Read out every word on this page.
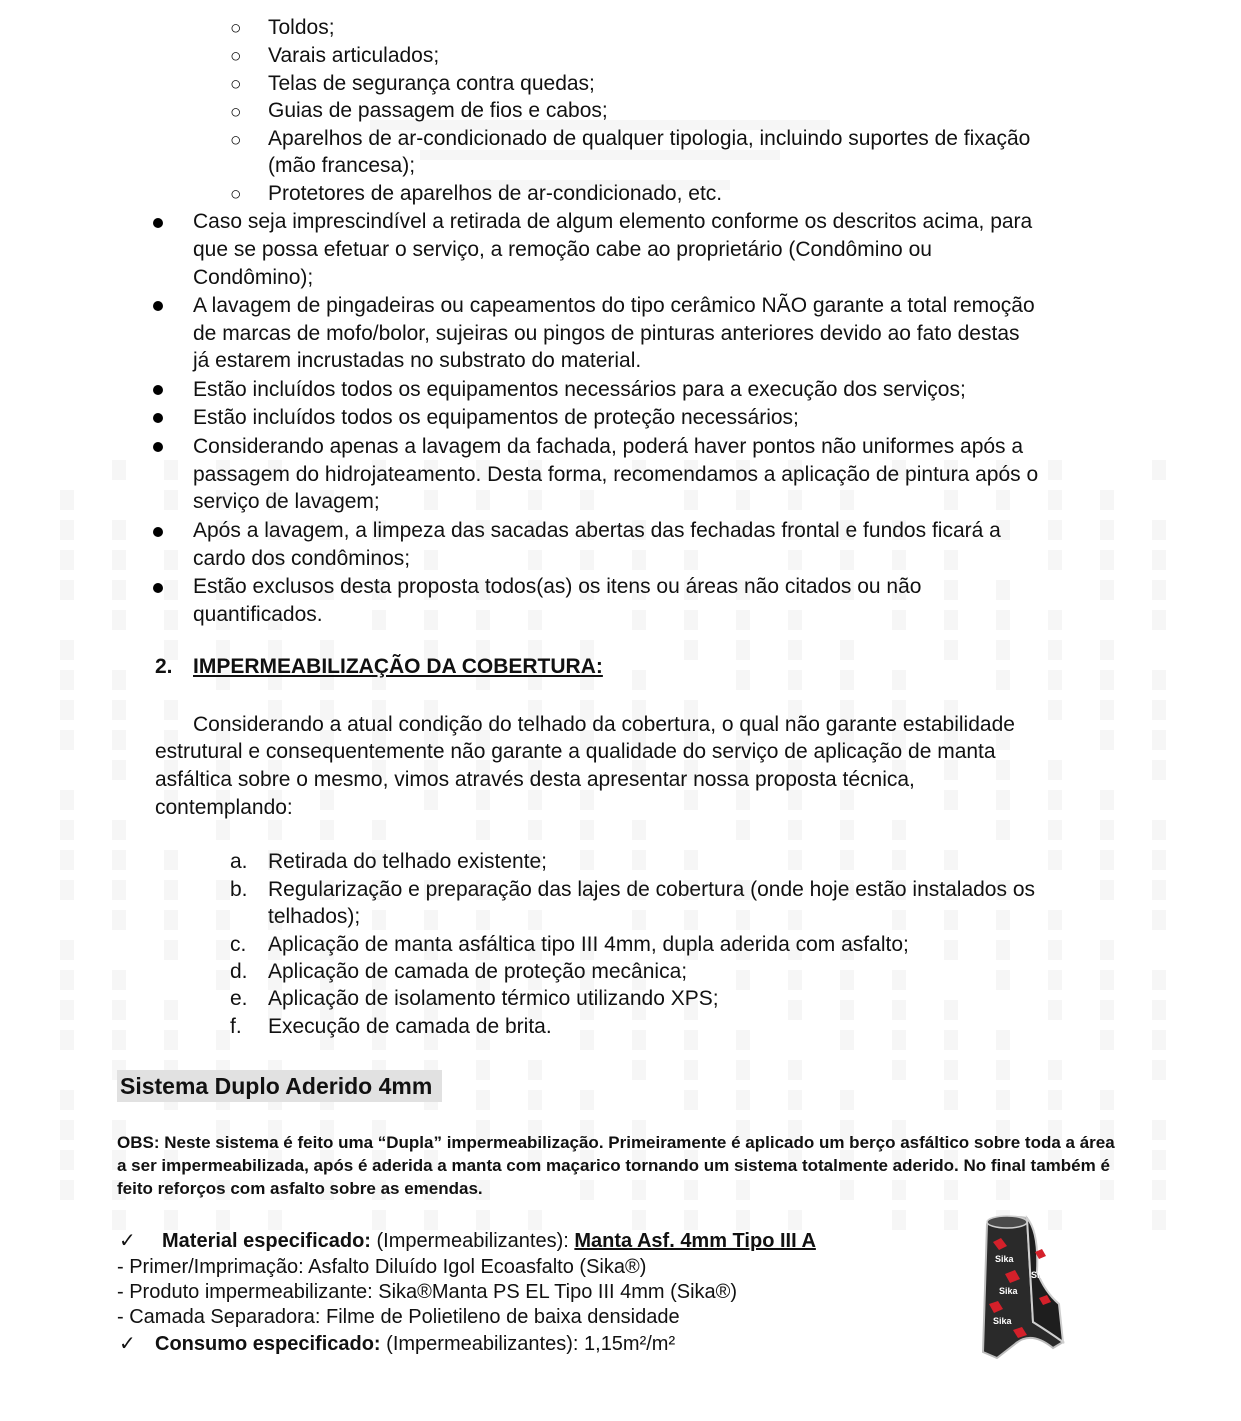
○ Toldos;
○ Varais articulados;
○ Telas de segurança contra quedas;
○ Guias de passagem de fios e cabos;
○ Aparelhos de ar-condicionado de qualquer tipologia, incluindo suportes de fixação
(mão francesa);
○ Protetores de aparelhos de ar-condicionado, etc.
Caso seja imprescindível a retirada de algum elemento conforme os descritos acima, para
que se possa efetuar o serviço, a remoção cabe ao proprietário (Condômino ou
Condômino);
A lavagem de pingadeiras ou capeamentos do tipo cerâmico NÃO garante a total remoção
de marcas de mofo/bolor, sujeiras ou pingos de pinturas anteriores devido ao fato destas
já estarem incrustadas no substrato do material.
Estão incluídos todos os equipamentos necessários para a execução dos serviços;
Estão incluídos todos os equipamentos de proteção necessários;
Considerando apenas a lavagem da fachada, poderá haver pontos não uniformes após a
passagem do hidrojateamento. Desta forma, recomendamos a aplicação de pintura após o
serviço de lavagem;
Após a lavagem, a limpeza das sacadas abertas das fechadas frontal e fundos ficará a
cardo dos condôminos;
Estão exclusos desta proposta todos(as) os itens ou áreas não citados ou não
quantificados.
2. IMPERMEABILIZAÇÃO DA COBERTURA:
Considerando a atual condição do telhado da cobertura, o qual não garante estabilidade
estrutural e consequentemente não garante a qualidade do serviço de aplicação de manta
asfáltica sobre o mesmo, vimos através desta apresentar nossa proposta técnica,
contemplando:
a. Retirada do telhado existente;
b. Regularização e preparação das lajes de cobertura (onde hoje estão instalados os
telhados);
c. Aplicação de manta asfáltica tipo III 4mm, dupla aderida com asfalto;
d. Aplicação de camada de proteção mecânica;
e. Aplicação de isolamento térmico utilizando XPS;
f. Execução de camada de brita.
Sistema Duplo Aderido 4mm
OBS: Neste sistema é feito uma “Dupla” impermeabilização. Primeiramente é aplicado um berço asfáltico sobre toda a área a ser impermeabilizada, após é aderida a manta com maçarico tornando um sistema totalmente aderido. No final também é feito reforços com asfalto sobre as emendas.
✓ Material especificado: (Impermeabilizantes): Manta Asf. 4mm Tipo III A
- Primer/Imprimação: Asfalto Diluído Igol Ecoasfalto (Sika®)
- Produto impermeabilizante: Sika®Manta PS EL Tipo III 4mm (Sika®)
- Camada Separadora: Filme de Polietileno de baixa densidade
✓ Consumo especificado: (Impermeabilizantes): 1,15m²/m²
Sika
Sika
Sika
Sika
